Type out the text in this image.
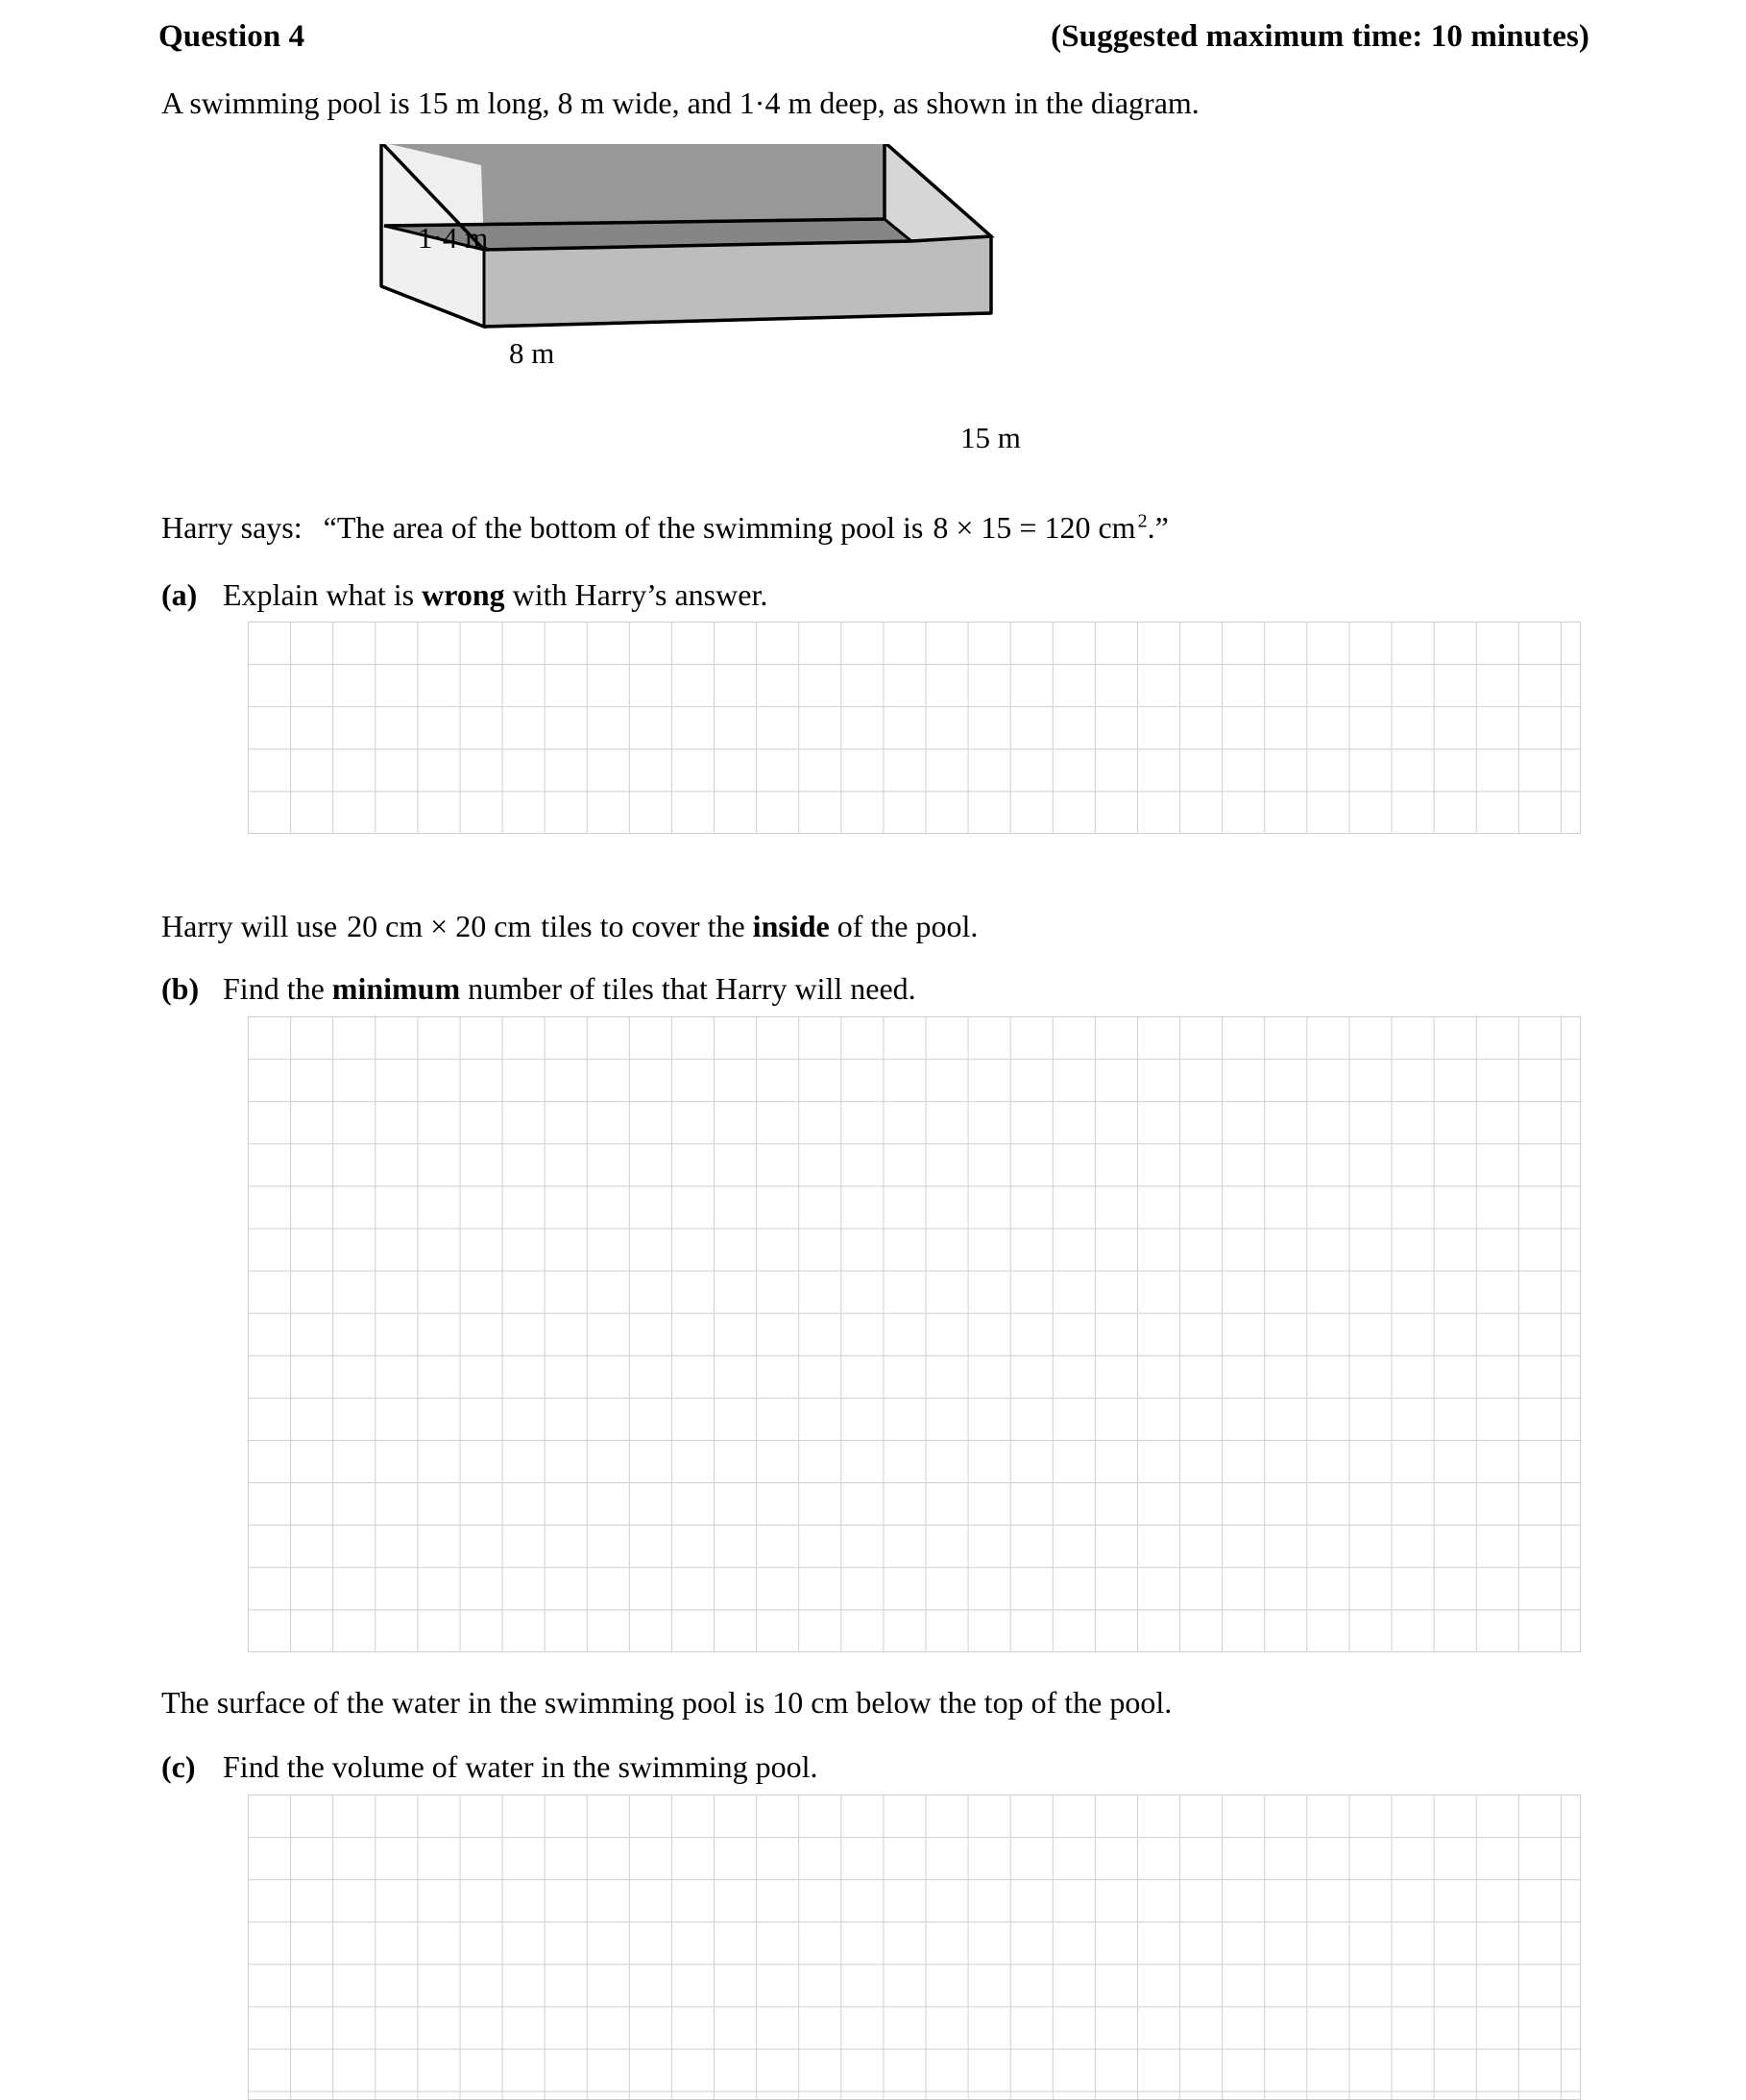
Question 4	(Suggested maximum time: 10 minutes)
A swimming pool is 15 m long, 8 m wide, and 1·4 m deep, as shown in the diagram.
1·4 m
8 m
15 m
Harry says: “The area of the bottom of the swimming pool is 8 × 15 = 120 cm $^2$.”
(a) Explain what is wrong with Harry’s answer.
Harry will use 20 cm × 20 cm tiles to cover the inside of the pool.
(b) Find the minimum number of tiles that Harry will need.
The surface of the water in the swimming pool is 10 cm below the top of the pool.
(c) Find the volume of water in the swimming pool.
